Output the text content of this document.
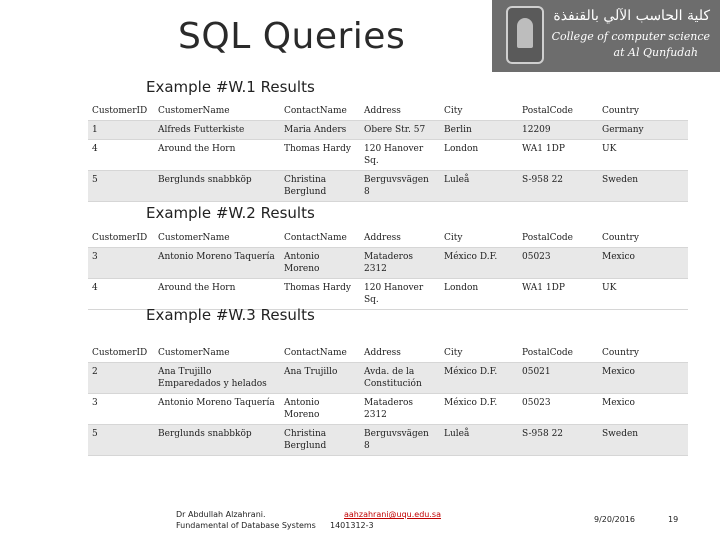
SQL Queries	كلية الحاسب الآلي بالقنفذة
College of computer science
at Al Qunfudah
Example #W.1 Results
CustomerID	CustomerName	ContactName	Address	City	PostalCode	Country
1	Alfreds Futterkiste	Maria Anders	Obere Str. 57	Berlin	12209	Germany
4	Around the Horn	Thomas Hardy	120 Hanover Sq.	London	WA1 1DP	UK
5	Berglunds snabbköp	Christina Berglund	Berguvsvägen 8	Luleå	S-958 22	Sweden
Example #W.2 Results
CustomerID	CustomerName	ContactName	Address	City	PostalCode	Country
3	Antonio Moreno Taquería	Antonio Moreno	Mataderos 2312	México D.F.	05023	Mexico
4	Around the Horn	Thomas Hardy	120 Hanover Sq.	London	WA1 1DP	UK
Example #W.3 Results
CustomerID	CustomerName	ContactName	Address	City	PostalCode	Country
2	Ana Trujillo Emparedados y helados	Ana Trujillo	Avda. de la Constitución	México D.F.	05021	Mexico
3	Antonio Moreno Taquería	Antonio Moreno	Mataderos 2312	México D.F.	05023	Mexico
5	Berglunds snabbköp	Christina Berglund	Berguvsvägen 8	Luleå	S-958 22	Sweden
Dr Abdullah Alzahrani.	aahzahrani@uqu.edu.sa
Fundamental of Database Systems 1401312-3
9/20/2016	19
